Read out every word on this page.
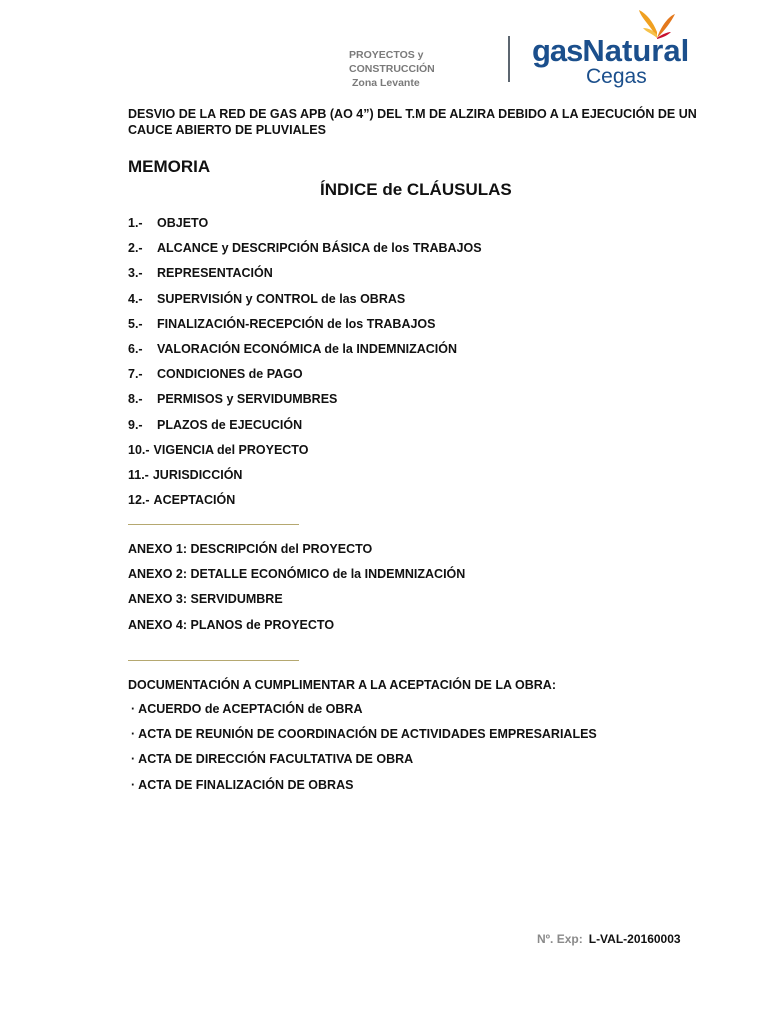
PROYECTOS y
CONSTRUCCIÓN
Zona Levante
gasNatural
Cegas
DESVIO DE LA RED DE GAS APB (AO 4”) DEL T.M DE ALZIRA DEBIDO A LA EJECUCIÓN DE UN CAUCE ABIERTO DE PLUVIALES
MEMORIA
ÍNDICE de CLÁUSULAS
1.-	OBJETO
2.-	ALCANCE y DESCRIPCIÓN BÁSICA de los TRABAJOS
3.-	REPRESENTACIÓN
4.-	SUPERVISIÓN y CONTROL de las OBRAS
5.-	FINALIZACIÓN-RECEPCIÓN de los TRABAJOS
6.-	VALORACIÓN ECONÓMICA de la INDEMNIZACIÓN
7.-	CONDICIONES de PAGO
8.-	PERMISOS y SERVIDUMBRES
9.-	PLAZOS de EJECUCIÓN
10.- VIGENCIA del PROYECTO
11.- JURISDICCIÓN
12.- ACEPTACIÓN
ANEXO 1: DESCRIPCIÓN del PROYECTO
ANEXO 2: DETALLE ECONÓMICO de la INDEMNIZACIÓN
ANEXO 3: SERVIDUMBRE
ANEXO 4: PLANOS de PROYECTO
DOCUMENTACIÓN A CUMPLIMENTAR A LA ACEPTACIÓN DE LA OBRA:
· ACUERDO de ACEPTACIÓN de OBRA
· ACTA DE REUNIÓN DE COORDINACIÓN DE ACTIVIDADES EMPRESARIALES
· ACTA DE DIRECCIÓN FACULTATIVA DE OBRA
· ACTA DE FINALIZACIÓN DE OBRAS
Nº. Exp: L-VAL-20160003
